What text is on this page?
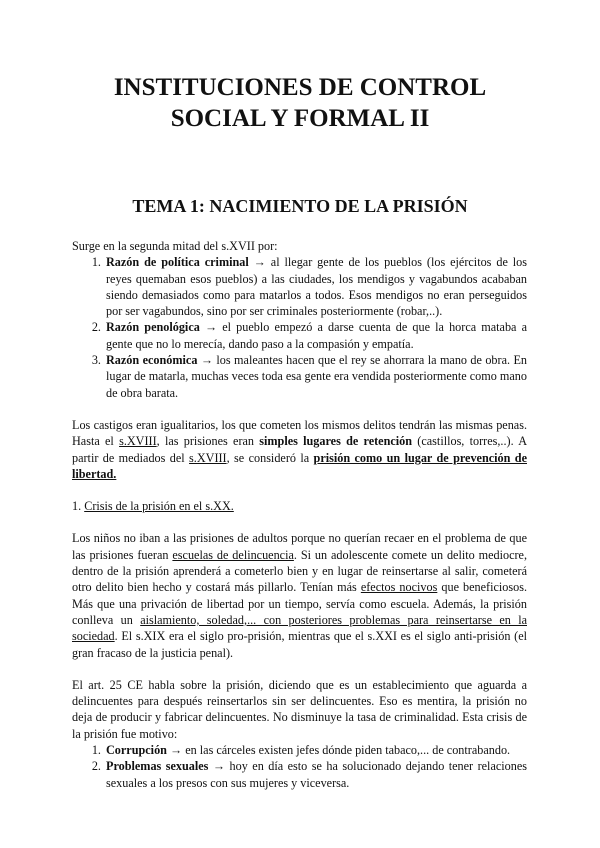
INSTITUCIONES DE CONTROL
SOCIAL Y FORMAL II
TEMA 1: NACIMIENTO DE LA PRISIÓN

Surge en la segunda mitad del s.XVII por:

1. Razón de política criminal → al llegar gente de los pueblos (los ejércitos de los reyes quemaban esos pueblos) a las ciudades, los mendigos y vagabundos acababan siendo demasiados como para matarlos a todos. Esos mendigos no eran perseguidos por ser vagabundos, sino por ser criminales posteriormente (robar,..).
2. Razón penológica → el pueblo empezó a darse cuenta de que la horca mataba a gente que no lo merecía, dando paso a la compasión y empatía.
3. Razón económica → los maleantes hacen que el rey se ahorrara la mano de obra. En lugar de matarla, muchas veces toda esa gente era vendida posteriormente como mano de obra barata.

Los castigos eran igualitarios, los que cometen los mismos delitos tendrán las mismas penas. Hasta el s.XVIII, las prisiones eran simples lugares de retención (castillos, torres,..). A partir de mediados del s.XVIII, se consideró la prisión como un lugar de prevención de libertad.

1. Crisis de la prisión en el s.XX.

Los niños no iban a las prisiones de adultos porque no querían recaer en el problema de que las prisiones fueran escuelas de delincuencia. Si un adolescente comete un delito mediocre, dentro de la prisión aprenderá a cometerlo bien y en lugar de reinsertarse al salir, cometerá otro delito bien hecho y costará más pillarlo. Tenían más efectos nocivos que beneficiosos. Más que una privación de libertad por un tiempo, servía como escuela. Además, la prisión conlleva un aislamiento, soledad,... con posteriores problemas para reinsertarse en la sociedad. El s.XIX era el siglo pro-prisión, mientras que el s.XXI es el siglo anti-prisión (el gran fracaso de la justicia penal).

El art. 25 CE habla sobre la prisión, diciendo que es un establecimiento que aguarda a delincuentes para después reinsertarlos sin ser delincuentes. Eso es mentira, la prisión no deja de producir y fabricar delincuentes. No disminuye la tasa de criminalidad. Esta crisis de la prisión fue motivo:

1. Corrupción → en las cárceles existen jefes dónde piden tabaco,... de contrabando.
2. Problemas sexuales → hoy en día esto se ha solucionado dejando tener relaciones sexuales a los presos con sus mujeres y viceversa.
